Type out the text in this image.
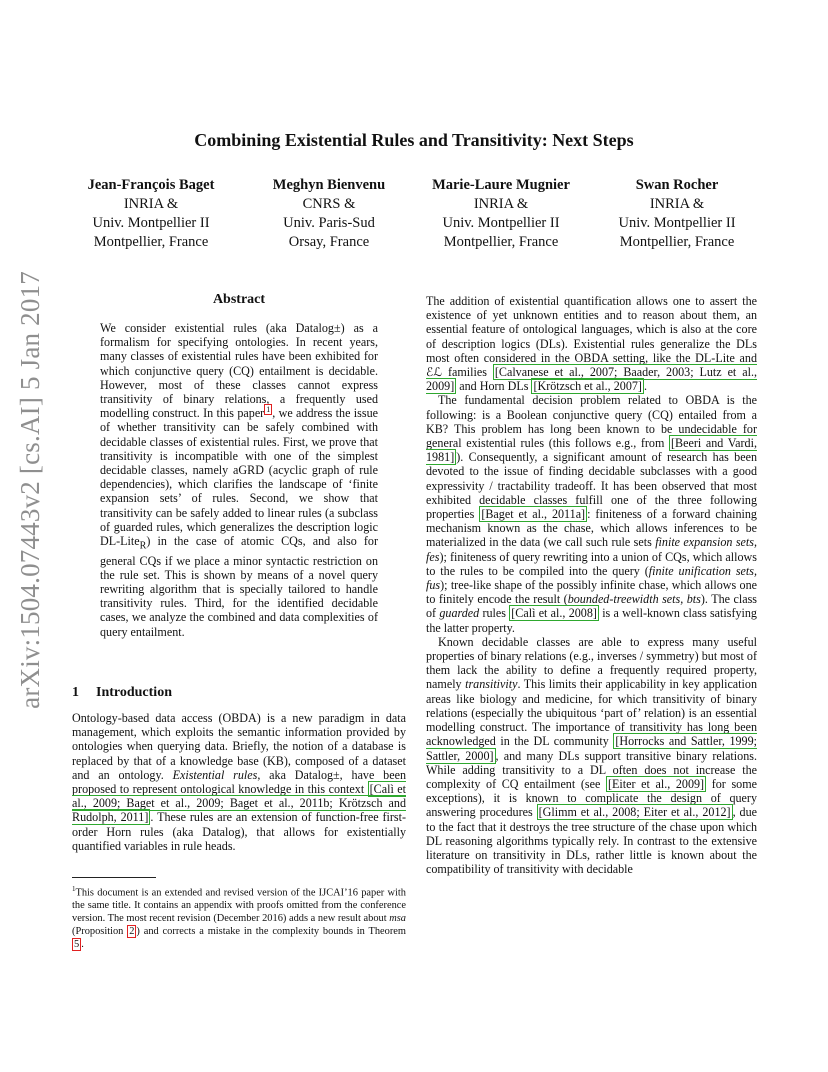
arXiv:1504.07443v2 [cs.AI] 5 Jan 2017
Combining Existential Rules and Transitivity: Next Steps
Jean-François Baget
INRIA &
Univ. Montpellier II
Montpellier, France
Meghyn Bienvenu
CNRS &
Univ. Paris-Sud
Orsay, France
Marie-Laure Mugnier
INRIA &
Univ. Montpellier II
Montpellier, France
Swan Rocher
INRIA &
Univ. Montpellier II
Montpellier, France
Abstract

We consider existential rules (aka Datalog±) as a formalism for specifying ontologies. In recent years, many classes of existential rules have been exhibited for which conjunctive query (CQ) entailment is decidable. However, most of these classes cannot express transitivity of binary relations, a frequently used modelling construct. In this paper $^1$ , we address the issue of whether transitivity can be safely combined with decidable classes of existential rules. First, we prove that transitivity is incompatible with one of the simplest decidable classes, namely aGRD (acyclic graph of rule dependencies), which clarifies the landscape of ‘finite expansion sets’ of rules. Second, we show that transitivity can be safely added to linear rules (a subclass of guarded rules, which generalizes the description logic DL-Lite$_R$) in the case of atomic CQs, and also for general CQs if we place a minor syntactic restriction on the rule set. This is shown by means of a novel query rewriting algorithm that is specially tailored to handle transitivity rules. Third, for the identified decidable cases, we analyze the combined and data complexities of query entailment.

1 Introduction

Ontology-based data access (OBDA) is a new paradigm in data management, which exploits the semantic information provided by ontologies when querying data. Briefly, the notion of a database is replaced by that of a knowledge base (KB), composed of a dataset and an ontology. Existential rules, aka Datalog±, have been proposed to represent ontological knowledge in this context [Calì et al., 2009; Baget et al., 2009; Baget et al., 2011b; Krötzsch and Rudolph, 2011] . These rules are an extension of function-free first-order Horn rules (aka Datalog), that allows for existentially quantified variables in rule heads.

$^1$This document is an extended and revised version of the IJCAI’16 paper with the same title. It contains an appendix with proofs omitted from the conference version. The most recent revision (December 2016) adds a new result about msa (Proposition 2 ) and corrects a mistake in the complexity bounds in Theorem 5 .

The addition of existential quantification allows one to assert the existence of yet unknown entities and to reason about them, an essential feature of ontological languages, which is also at the core of description logics (DLs). Existential rules generalize the DLs most often considered in the OBDA setting, like the DL-Lite and ℰℒ families [Calvanese et al., 2007; Baader, 2003; Lutz et al., 2009] and Horn DLs [Krötzsch et al., 2007] .

The fundamental decision problem related to OBDA is the following: is a Boolean conjunctive query (CQ) entailed from a KB? This problem has long been known to be undecidable for general existential rules (this follows e.g., from [Beeri and Vardi, 1981] ). Consequently, a significant amount of research has been devoted to the issue of finding decidable subclasses with a good expressivity / tractability tradeoff. It has been observed that most exhibited decidable classes fulfill one of the three following properties [Baget et al., 2011a] : finiteness of a forward chaining mechanism known as the chase, which allows inferences to be materialized in the data (we call such rule sets finite expansion sets, fes); finiteness of query rewriting into a union of CQs, which allows to the rules to be compiled into the query (finite unification sets, fus); tree-like shape of the possibly infinite chase, which allows one to finitely encode the result (bounded-treewidth sets, bts). The class of guarded rules [Calì et al., 2008] is a well-known class satisfying the latter property.

Known decidable classes are able to express many useful properties of binary relations (e.g., inverses / symmetry) but most of them lack the ability to define a frequently required property, namely transitivity. This limits their applicability in key application areas like biology and medicine, for which transitivity of binary relations (especially the ubiquitous ‘part of’ relation) is an essential modelling construct. The importance of transitivity has long been acknowledged in the DL community [Horrocks and Sattler, 1999; Sattler, 2000] , and many DLs support transitive binary relations. While adding transitivity to a DL often does not increase the complexity of CQ entailment (see [Eiter et al., 2009] for some exceptions), it is known to complicate the design of query answering procedures [Glimm et al., 2008; Eiter et al., 2012] , due to the fact that it destroys the tree structure of the chase upon which DL reasoning algorithms typically rely. In contrast to the extensive literature on transitivity in DLs, rather little is known about the compatibility of transitivity with decidable
